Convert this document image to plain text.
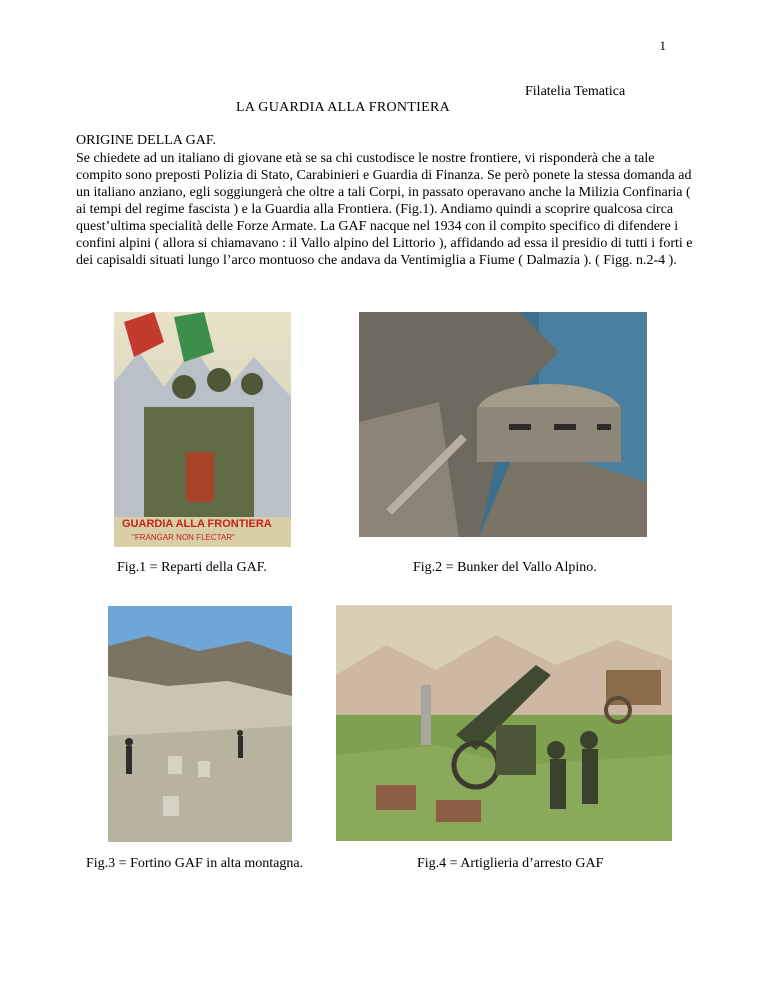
1
Filatelia Tematica
LA GUARDIA ALLA FRONTIERA
ORIGINE DELLA GAF.

Se chiedete ad un italiano di giovane età se sa chi custodisce le nostre frontiere, vi risponderà che a tale compito sono preposti Polizia di Stato, Carabinieri e Guardia di Finanza. Se però ponete la stessa domanda ad un italiano anziano, egli soggiungerà che oltre a tali Corpi, in passato operavano anche la Milizia Confinaria ( ai tempi del regime fascista ) e la Guardia alla Frontiera. (Fig.1). Andiamo quindi a scoprire qualcosa circa quest’ultima specialità delle Forze Armate. La GAF nacque nel 1934 con il compito specifico di difendere i confini alpini ( allora si chiamavano : il Vallo alpino del Littorio ), affidando ad essa il presidio di tutti i forti e dei capisaldi situati lungo l’arco montuoso che andava da Ventimiglia a Fiume ( Dalmazia ). ( Figg. n.2-4 ).

GUARDIA ALLA FRONTIERA
"FRANGAR NON FLECTAR"
Fig.1 = Reparti della GAF.	Fig.2 = Bunker del Vallo Alpino.
Fig.3 = Fortino GAF in alta montagna.	Fig.4 = Artiglieria d’arresto GAF
